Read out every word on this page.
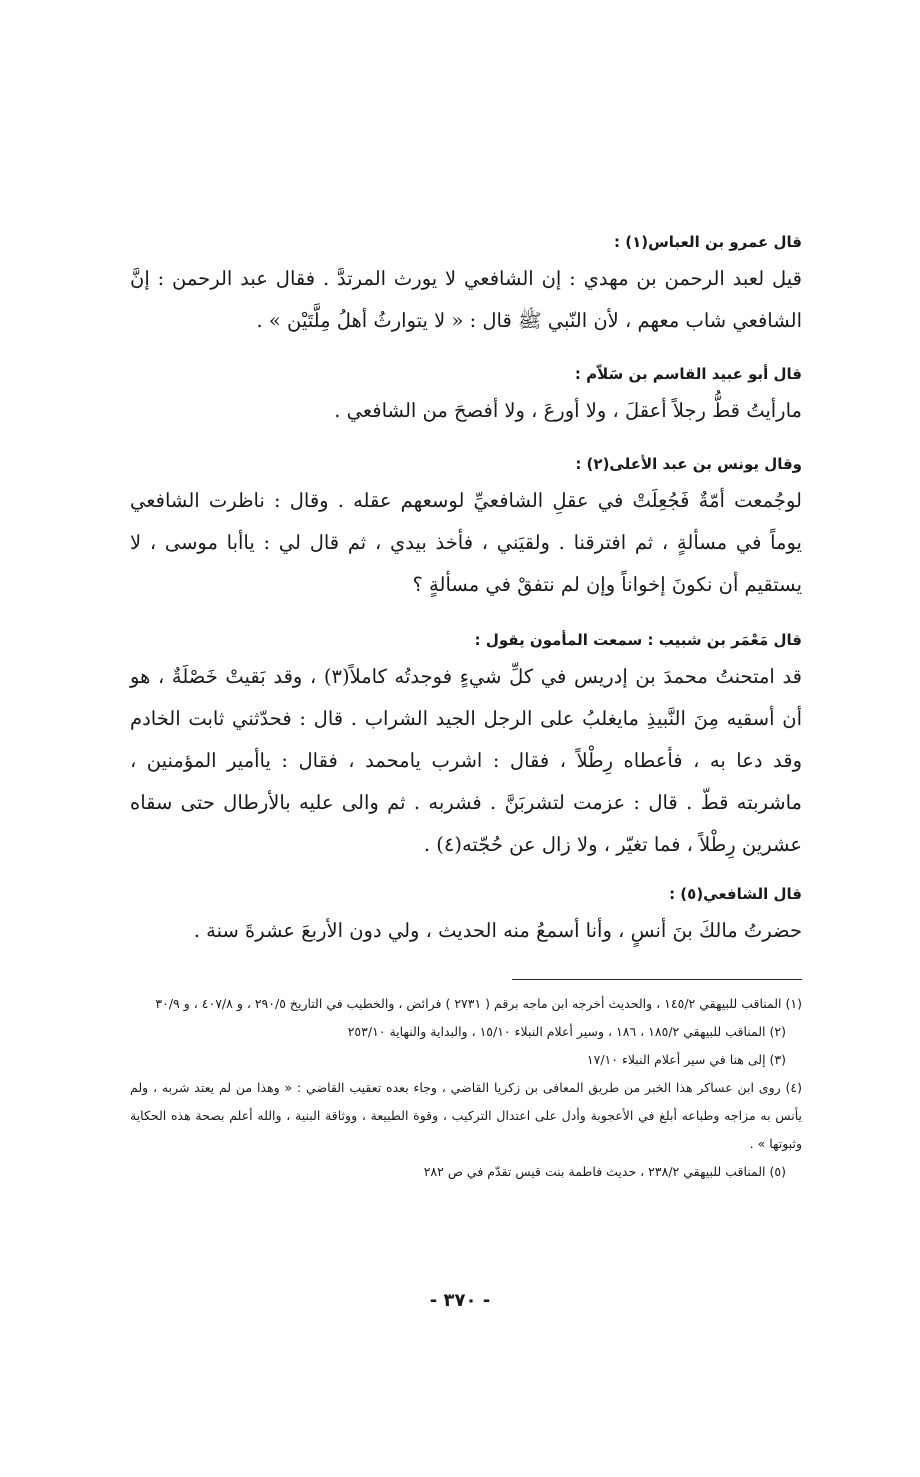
قال عمرو بن العباس(١) :

قيل لعبد الرحمن بن مهدي : إن الشافعي لا يورث المرتدَّ . فقال عبد الرحمن : إنَّ الشافعي شاب معهم ، لأن النّبي ﷺ قال : « لا يتوارثُ أهلُ مِلَّتَيْن » .

قال أبو عبيد القاسم بن سَلاّم :

مارأيتُ قطُّ رجلاً أعقلَ ، ولا أورعَ ، ولا أفصحَ من الشافعي .

وقال يونس بن عبد الأعلى(٢) :

لوجُمعت أمّةٌ فَجُعِلَتْ في عقلِ الشافعيِّ لوسعهم عقله . وقال : ناظرت الشافعي يوماً في مسألةٍ ، ثم افترقنا . ولقيَني ، فأخذ بيدي ، ثم قال لي : ياأبا موسى ، لا يستقيم أن نكونَ إخواناً وإن لم نتفقْ في مسألةٍ ؟

قال مَعْمَر بن شبيب : سمعت المأمون يقول :

قد امتحنتُ محمدَ بن إدريس في كلِّ شيءٍ فوجدتُه كاملاً(٣) ، وقد بَقيتْ خَصْلَةٌ ، هو أن أسقيه مِنَ النَّبيذِ مايغلبُ على الرجل الجيد الشراب . قال : فحدّثني ثابت الخادم وقد دعا به ، فأعطاه رِطْلاً ، فقال : اشرب يامحمد ، فقال : ياأمير المؤمنين ، ماشربته قطّ . قال : عزمت لتشربَنَّ . فشربه . ثم والى عليه بالأرطال حتى سقاه عشرين رِطْلاً ، فما تغيّر ، ولا زال عن حُجّته(٤) .

قال الشافعي(٥) :

حضرتُ مالكَ بنَ أنسٍ ، وأنا أسمعُ منه الحديث ، ولي دون الأربعَ عشرةَ سنة .

(١) المناقب للبيهقي ١٤٥/٢ ، والحديث أخرجه ابن ماجه برقم ( ٢٧٣١ ) فرائض ، والخطيب في التاريخ ٢٩٠/٥ ، و ٤٠٧/٨ ، و ٣٠/٩

(٢) المناقب للبيهقي ١٨٥/٢ ، ١٨٦ ، وسير أعلام النبلاء ١٥/١٠ ، والبداية والنهاية ٢٥٣/١٠

(٣) إلى هنا في سير أعلام النبلاء ١٧/١٠

(٤) روى ابن عساكر هذا الخبر من طريق المعافى بن زكريا القاضي ، وجاء بعده تعقيب القاضي : « وهذا من لم يعتد شربه ، ولم يأنس به مزاجه وطباعه أبلغ في الأعجوبة وأدل على اعتدال التركيب ، وقوة الطبيعة ، ووثاقة البنية ، والله أعلم بصحة هذه الحكاية وثبوتها » .

(٥) المناقب للبيهقي ٢٣٨/٢ ، حديث فاطمة بنت قيس تقدّم في ص ٢٨٢

- ٣٧٠ -
